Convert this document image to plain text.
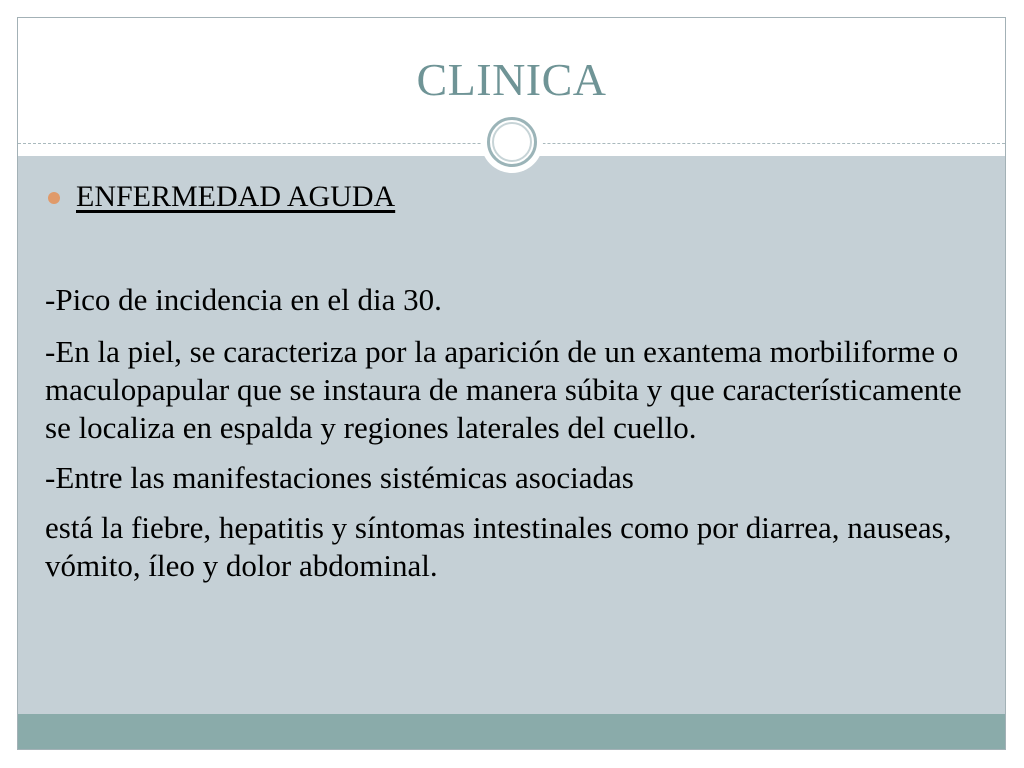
CLINICA
ENFERMEDAD AGUDA

-Pico de incidencia en el dia 30.

-En la piel, se caracteriza por la aparición de un exantema morbiliforme o maculopapular que se instaura de manera súbita y que característicamente se localiza en espalda y regiones laterales del cuello.

-Entre las manifestaciones sistémicas asociadas

está la fiebre, hepatitis y síntomas intestinales como por diarrea, nauseas, vómito, íleo y dolor abdominal.
